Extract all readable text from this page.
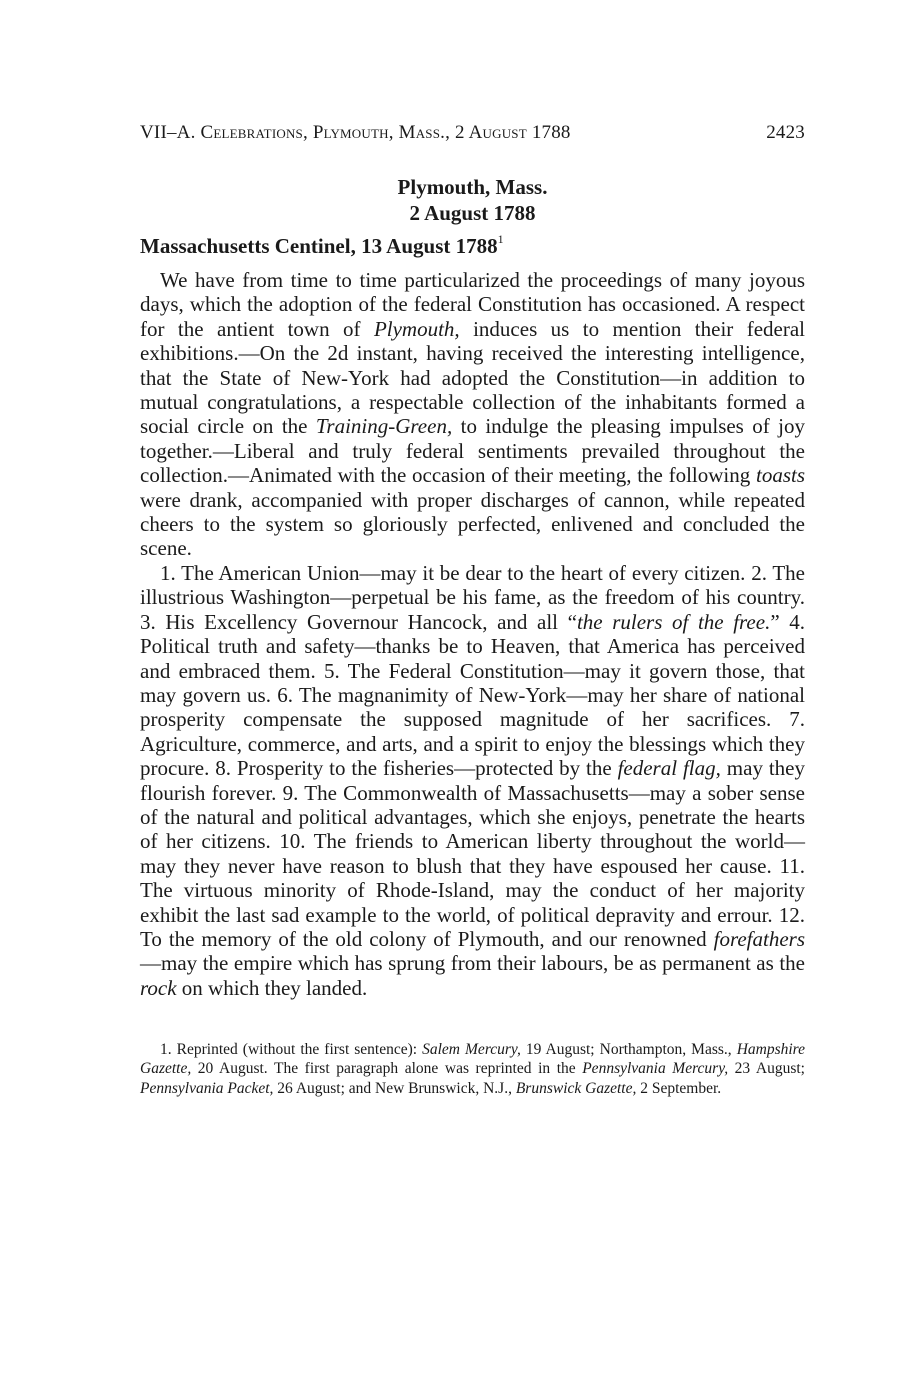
VII–A. Celebrations, Plymouth, Mass., 2 August 1788	2423
Plymouth, Mass.
2 August 1788
Massachusetts Centinel, 13 August 1788$^1$

We have from time to time particularized the proceedings of many joyous days, which the adoption of the federal Constitution has occasioned. A respect for the antient town of Plymouth, induces us to mention their federal exhibitions.—On the 2d instant, having received the interesting intelligence, that the State of New-York had adopted the Constitution—in addition to mutual congratulations, a respectable collection of the inhabitants formed a social circle on the Training-Green, to indulge the pleasing impulses of joy together.—Liberal and truly federal sentiments prevailed throughout the collection.—Animated with the occasion of their meeting, the following toasts were drank, accompanied with proper discharges of cannon, while repeated cheers to the system so gloriously perfected, enlivened and concluded the scene.

1. The American Union—may it be dear to the heart of every citizen. 2. The illustrious Washington—perpetual be his fame, as the freedom of his country. 3. His Excellency Governour Hancock, and all “the rulers of the free.” 4. Political truth and safety—thanks be to Heaven, that America has perceived and embraced them. 5. The Federal Constitution—may it govern those, that may govern us. 6. The magnanimity of New-York—may her share of national prosperity compensate the supposed magnitude of her sacrifices. 7. Agriculture, commerce, and arts, and a spirit to enjoy the blessings which they procure. 8. Prosperity to the fisheries—protected by the federal flag, may they flourish forever. 9. The Commonwealth of Massachusetts—may a sober sense of the natural and political advantages, which she enjoys, penetrate the hearts of her citizens. 10. The friends to American liberty throughout the world—may they never have reason to blush that they have espoused her cause. 11. The virtuous minority of Rhode-Island, may the conduct of her majority exhibit the last sad example to the world, of political depravity and errour. 12. To the memory of the old colony of Plymouth, and our renowned forefathers—may the empire which has sprung from their labours, be as permanent as the rock on which they landed.

1. Reprinted (without the first sentence): Salem Mercury, 19 August; Northampton, Mass., Hampshire Gazette, 20 August. The first paragraph alone was reprinted in the Pennsylvania Mercury, 23 August; Pennsylvania Packet, 26 August; and New Brunswick, N.J., Brunswick Gazette, 2 September.
